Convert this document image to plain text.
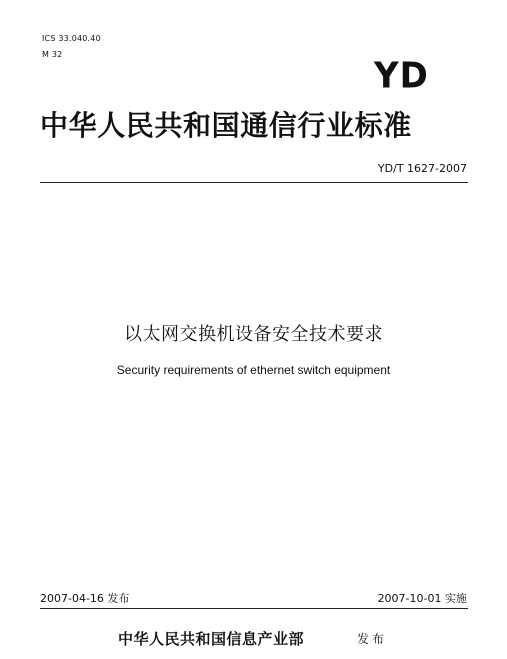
ICS 33.040.40
M 32
YD
中华人民共和国通信行业标准
YD/T 1627-2007
以太网交换机设备安全技术要求
Security requirements of ethernet switch equipment
2007-04-16 发布	2007-10-01 实施
中华人民共和国信息产业部	发布
